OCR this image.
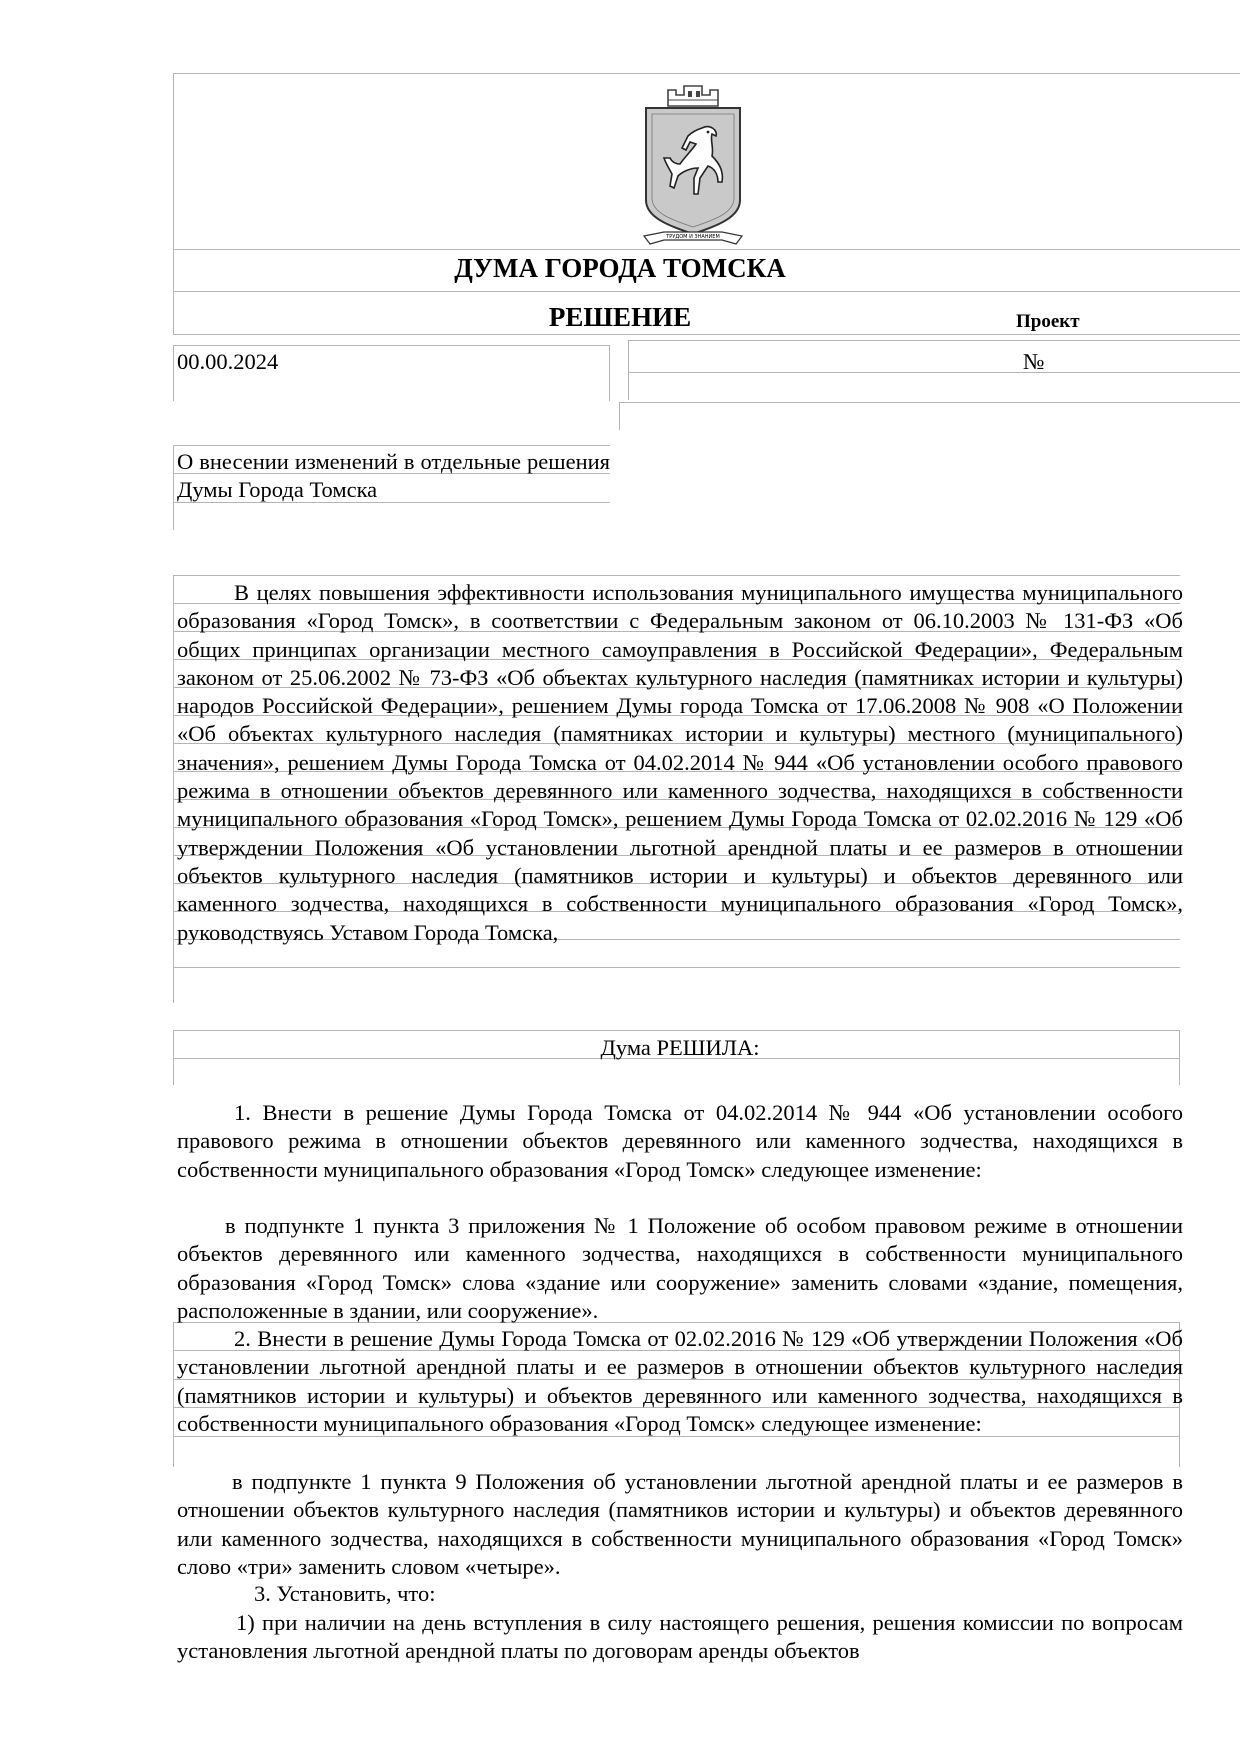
ТРУДОМ И ЗНАНИЕМ
ДУМА ГОРОДА ТОМСКА
РЕШЕНИЕ	Проект
00.00.2024	№

О внесении изменений в отдельные решения Думы Города Томска

В целях повышения эффективности использования муниципального имущества муниципального образования «Город Томск», в соответствии с Федеральным законом от 06.10.2003 № 131-ФЗ «Об общих принципах организации местного самоуправления в Российской Федерации», Федеральным законом от 25.06.2002 № 73-ФЗ «Об объектах культурного наследия (памятниках истории и культуры) народов Российской Федерации», решением Думы города Томска от 17.06.2008 № 908 «О Положении «Об объектах культурного наследия (памятниках истории и культуры) местного (муниципального) значения», решением Думы Города Томска от 04.02.2014 № 944 «Об установлении особого правового режима в отношении объектов деревянного или каменного зодчества, находящихся в собственности муниципального образования «Город Томск», решением Думы Города Томска от 02.02.2016 № 129 «Об утверждении Положения «Об установлении льготной арендной платы и ее размеров в отношении объектов культурного наследия (памятников истории и культуры) и объектов деревянного или каменного зодчества, находящихся в собственности муниципального образования «Город Томск», руководствуясь Уставом Города Томска,

Дума РЕШИЛА:

1. Внести в решение Думы Города Томска от 04.02.2014 № 944 «Об установлении особого правового режима в отношении объектов деревянного или каменного зодчества, находящихся в собственности муниципального образования «Город Томск» следующее изменение:

в подпункте 1 пункта 3 приложения № 1 Положение об особом правовом режиме в отношении объектов деревянного или каменного зодчества, находящихся в собственности муниципального образования «Город Томск» слова «здание или сооружение» заменить словами «здание, помещения, расположенные в здании, или сооружение».

2. Внести в решение Думы Города Томска от 02.02.2016 № 129 «Об утверждении Положения «Об установлении льготной арендной платы и ее размеров в отношении объектов культурного наследия (памятников истории и культуры) и объектов деревянного или каменного зодчества, находящихся в собственности муниципального образования «Город Томск» следующее изменение:

в подпункте 1 пункта 9 Положения об установлении льготной арендной платы и ее размеров в отношении объектов культурного наследия (памятников истории и культуры) и объектов деревянного или каменного зодчества, находящихся в собственности муниципального образования «Город Томск» слово «три» заменить словом «четыре».

3. Установить, что:

1) при наличии на день вступления в силу настоящего решения, решения комиссии по вопросам установления льготной арендной платы по договорам аренды объектов
